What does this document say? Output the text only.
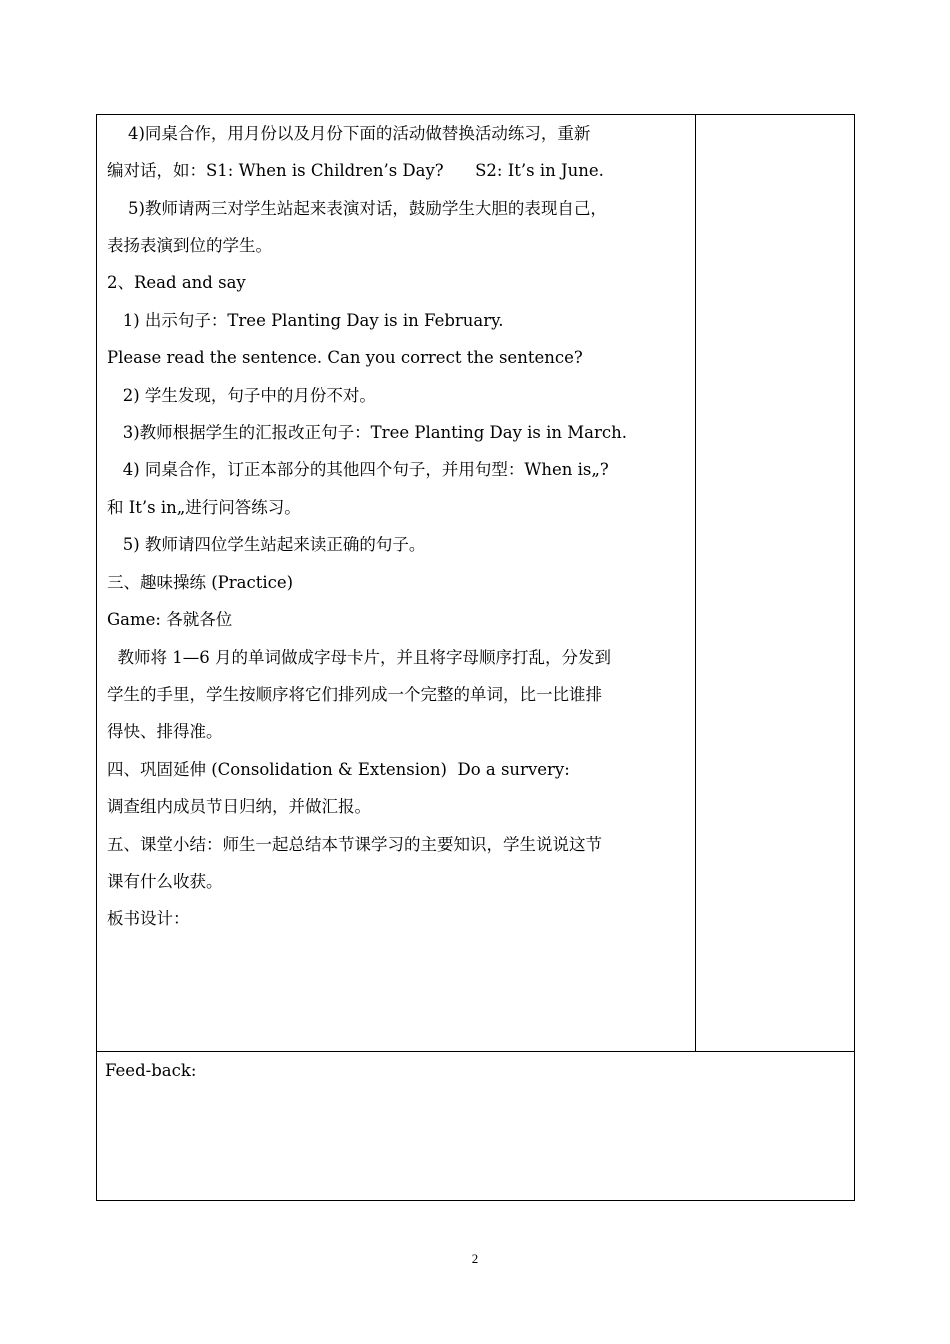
4)同桌合作，用月份以及月份下面的活动做替换活动练习，重新
编对话，如：S1: When is Children’s Day?      S2: It’s in June.
5)教师请两三对学生站起来表演对话，鼓励学生大胆的表现自己，
表扬表演到位的学生。
2、Read and say
1) 出示句子：Tree Planting Day is in February.
Please read the sentence. Can you correct the sentence?
2) 学生发现，句子中的月份不对。
3)教师根据学生的汇报改正句子：Tree Planting Day is in March.
4) 同桌合作，订正本部分的其他四个句子，并用句型：When is„?
和 It’s in„进行问答练习。
5) 教师请四位学生站起来读正确的句子。
三、趣味操练 (Practice)
Game: 各就各位
教师将 1—6 月的单词做成字母卡片，并且将字母顺序打乱，分发到
学生的手里，学生按顺序将它们排列成一个完整的单词，比一比谁排
得快、排得准。
四、巩固延伸 (Consolidation & Extension)  Do a survery:
调查组内成员节日归纳，并做汇报。
五、课堂小结：师生一起总结本节课学习的主要知识，学生说说这节
课有什么收获。
板书设计：
Feed-back:
2
